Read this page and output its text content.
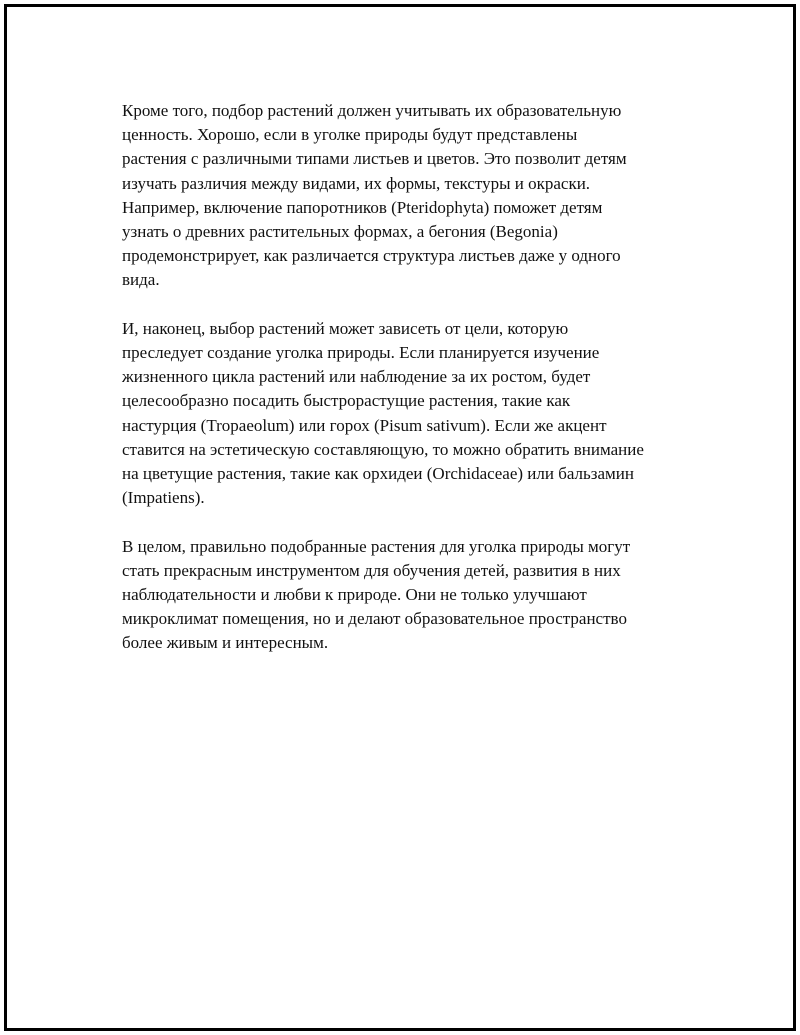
Кроме того, подбор растений должен учитывать их образовательную
ценность. Хорошо, если в уголке природы будут представлены
растения с различными типами листьев и цветов. Это позволит детям
изучать различия между видами, их формы, текстуры и окраски.
Например, включение папоротников (Pteridophyta) поможет детям
узнать о древних растительных формах, а бегония (Begonia)
продемонстрирует, как различается структура листьев даже у одного
вида.

И, наконец, выбор растений может зависеть от цели, которую
преследует создание уголка природы. Если планируется изучение
жизненного цикла растений или наблюдение за их ростом, будет
целесообразно посадить быстрорастущие растения, такие как
настурция (Tropaeolum) или горох (Pisum sativum). Если же акцент
ставится на эстетическую составляющую, то можно обратить внимание
на цветущие растения, такие как орхидеи (Orchidaceae) или бальзамин
(Impatiens).

В целом, правильно подобранные растения для уголка природы могут
стать прекрасным инструментом для обучения детей, развития в них
наблюдательности и любви к природе. Они не только улучшают
микроклимат помещения, но и делают образовательное пространство
более живым и интересным.
